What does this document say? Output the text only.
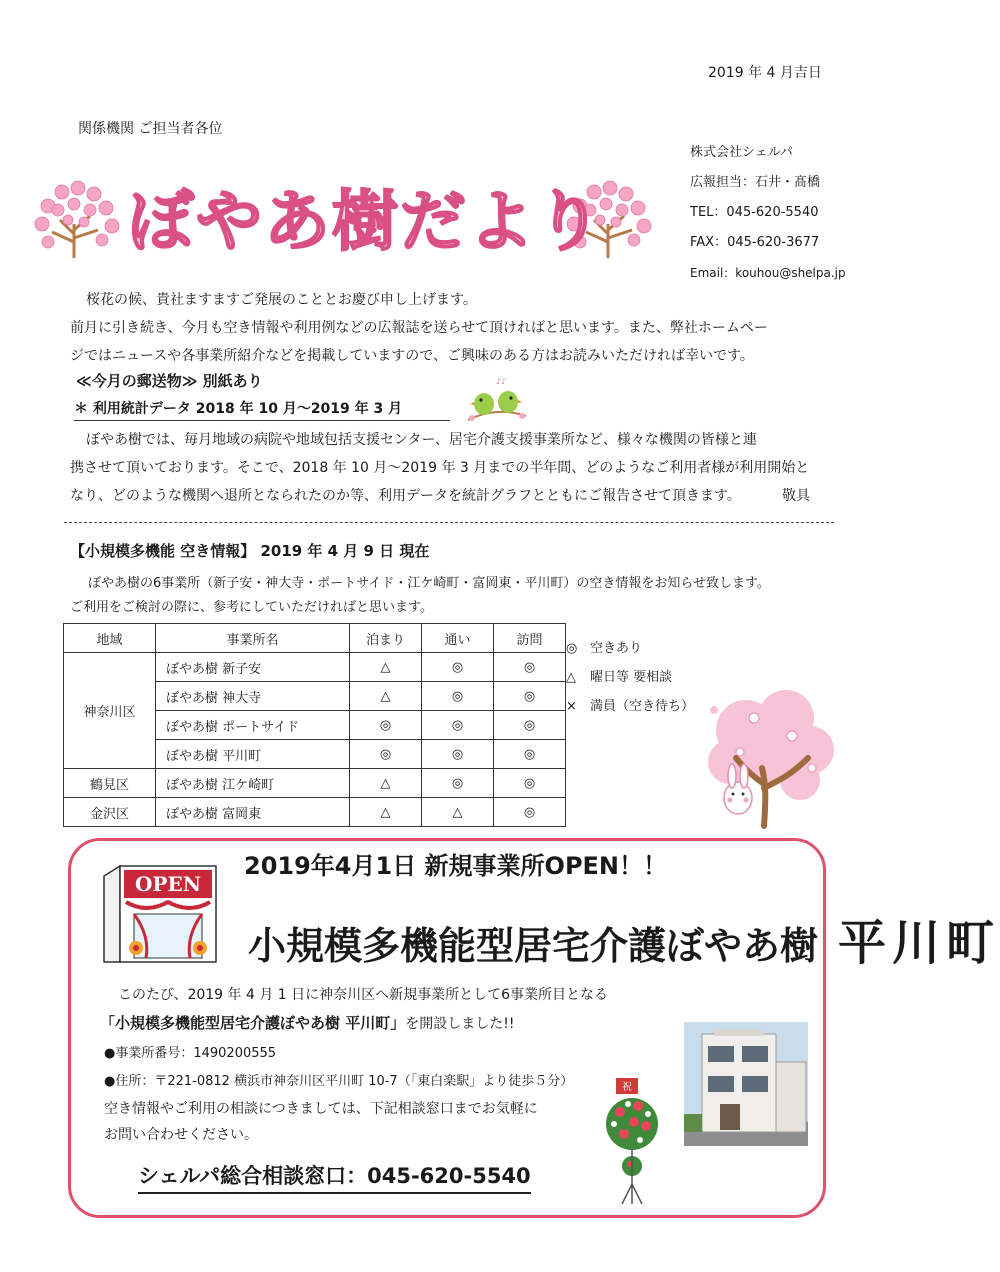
2019 年 4 月吉日
関係機関 ご担当者各位
株式会社シェルパ
広報担当：石井・髙橋
TEL：045-620-5540
FAX：045-620-3677
Email：kouhou@shelpa.jp
ぼやあ樹だより
桜花の候、貴社ますますご発展のこととお慶び申し上げます。
前月に引き続き、今月も空き情報や利用例などの広報誌を送らせて頂ければと思います。また、弊社ホームペー
ジではニュースや各事業所紹介などを掲載していますので、ご興味のある方はお読みいただければ幸いです。
≪今月の郵送物≫ 別紙あり
＊ 利用統計データ 2018 年 10 月～2019 年 3 月
♪♪
ぼやあ樹では、毎月地域の病院や地域包括支援センター、居宅介護支援事業所など、様々な機関の皆様と連
携させて頂いております。そこで、2018 年 10 月～2019 年 3 月までの半年間、どのようなご利用者様が利用開始と
なり、どのような機関へ退所となられたのか等、利用データを統計グラフとともにご報告させて頂きます。	敬具
【小規模多機能 空き情報】 2019 年 4 月 9 日 現在
ぼやあ樹の6事業所（新子安・神大寺・ポートサイド・江ケ崎町・富岡東・平川町）の空き情報をお知らせ致します。
ご利用をご検討の際に、参考にしていただければと思います。
地域	事業所名	泊まり	通い	訪問
神奈川区	ぼやあ樹 新子安	△	◎	◎
	ぼやあ樹 神大寺	△	◎	◎
	ぼやあ樹 ポートサイド	◎	◎	◎
	ぼやあ樹 平川町	◎	◎	◎
鶴見区	ぼやあ樹 江ケ崎町	△	◎	◎
金沢区	ぼやあ樹 富岡東	△	△	◎
◎ 空きあり
△ 曜日等 要相談
× 満員（空き待ち）
OPEN
2019年4月1日 新規事業所OPEN！！
小規模多機能型居宅介護ぼやあ樹 平川町
このたび、2019 年 4 月 1 日に神奈川区へ新規事業所として6事業所目となる
「小規模多機能型居宅介護ぼやあ樹 平川町」を開設しました!!
●事業所番号：1490200555
●住所：〒221-0812 横浜市神奈川区平川町 10-7（「東白楽駅」より徒歩５分）
空き情報やご利用の相談につきましては、下記相談窓口までお気軽に
お問い合わせください。
祝
シェルパ総合相談窓口：045-620-5540
